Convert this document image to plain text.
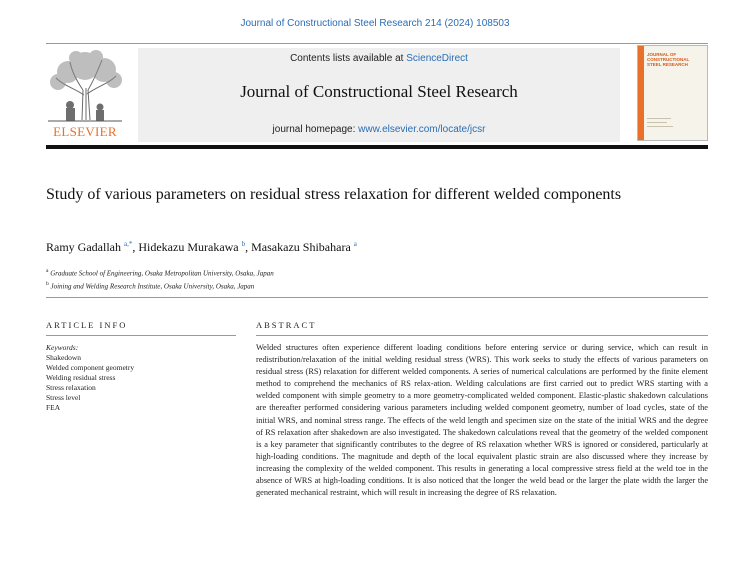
Journal of Constructional Steel Research 214 (2024) 108503
ELSEVIER
Contents lists available at ScienceDirect
Journal of Constructional Steel Research
journal homepage: www.elsevier.com/locate/jcsr
JOURNAL OF
CONSTRUCTIONAL
STEEL RESEARCH
Study of various parameters on residual stress relaxation for different welded components
Ramy Gadallah $^{a,*}$, Hidekazu Murakawa $^b$, Masakazu Shibahara $^a$
$^a$ Graduate School of Engineering, Osaka Metropolitan University, Osaka, Japan
$^b$ Joining and Welding Research Institute, Osaka University, Osaka, Japan
ARTICLE INFO	ABSTRACT
Keywords:
Shakedown
Welded component geometry
Welding residual stress
Stress relaxation
Stress level
FEA

Welded structures often experience different loading conditions before entering service or during service, which can result in redistribution/relaxation of the initial welding residual stress (WRS). This work seeks to study the effects of various parameters on residual stress (RS) relaxation for different welded components. A series of numerical calculations are performed by the finite element method to comprehend the mechanics of RS relax-ation. Welding calculations are first carried out to predict WRS starting with a welded component with simple geometry to a more geometry-complicated welded component. Elastic-plastic shakedown calculations are thereafter performed considering various parameters including welded component geometry, number of load cycles, state of the initial WRS, and nominal stress range. The effects of the weld length and specimen size on the state of the initial WRS and the degree of RS relaxation after shakedown are also investigated. The shakedown calculations reveal that the geometry of the welded component is a key parameter that significantly contributes to the degree of RS relaxation whether WRS is ignored or considered, particularly at high-loading conditions. The magnitude and depth of the local equivalent plastic strain are also discussed where they increase by increasing the complexity of the welded component. This results in generating a local compressive stress field at the weld toe in the absence of WRS at high-loading conditions. It is also noticed that the longer the weld bead or the larger the plate width the larger the generated mechanical restraint, which will result in increasing the degree of RS relaxation.
